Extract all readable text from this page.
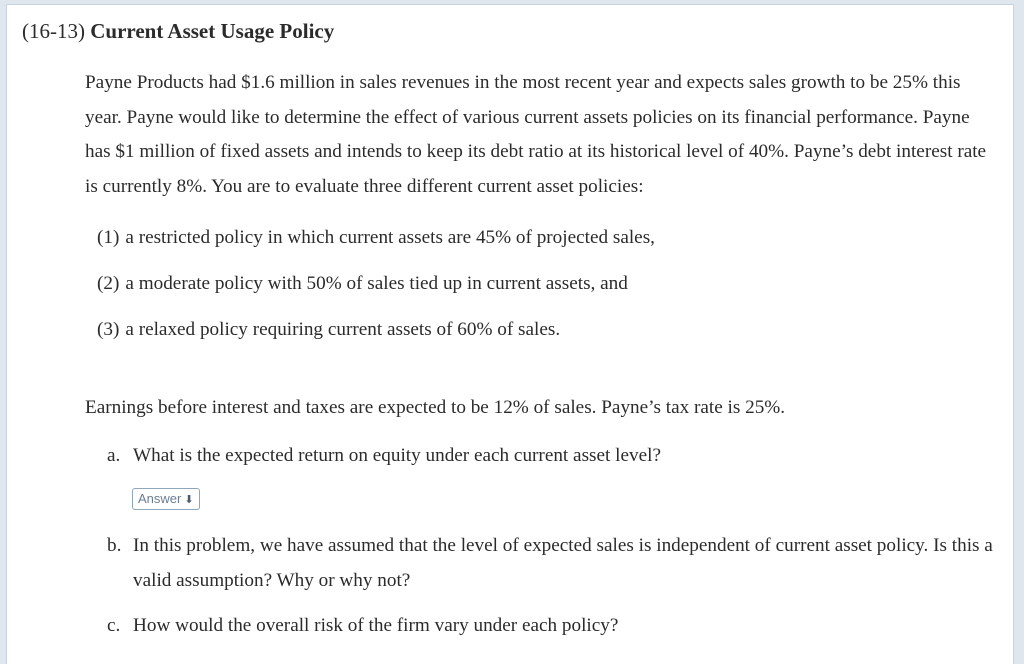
(16-13) Current Asset Usage Policy

Payne Products had $1.6 million in sales revenues in the most recent year and expects sales growth to be 25% this year. Payne would like to determine the effect of various current assets policies on its financial performance. Payne has $1 million of fixed assets and intends to keep its debt ratio at its historical level of 40%. Payne’s debt interest rate is currently 8%. You are to evaluate three different current asset policies:

(1) a restricted policy in which current assets are 45% of projected sales,
(2) a moderate policy with 50% of sales tied up in current assets, and
(3) a relaxed policy requiring current assets of 60% of sales.

Earnings before interest and taxes are expected to be 12% of sales. Payne’s tax rate is 25%.

a. What is the expected return on equity under each current asset level?
b. In this problem, we have assumed that the level of expected sales is independent of current asset policy. Is this a valid assumption? Why or why not?
c. How would the overall risk of the firm vary under each policy?
Answer ⬇
